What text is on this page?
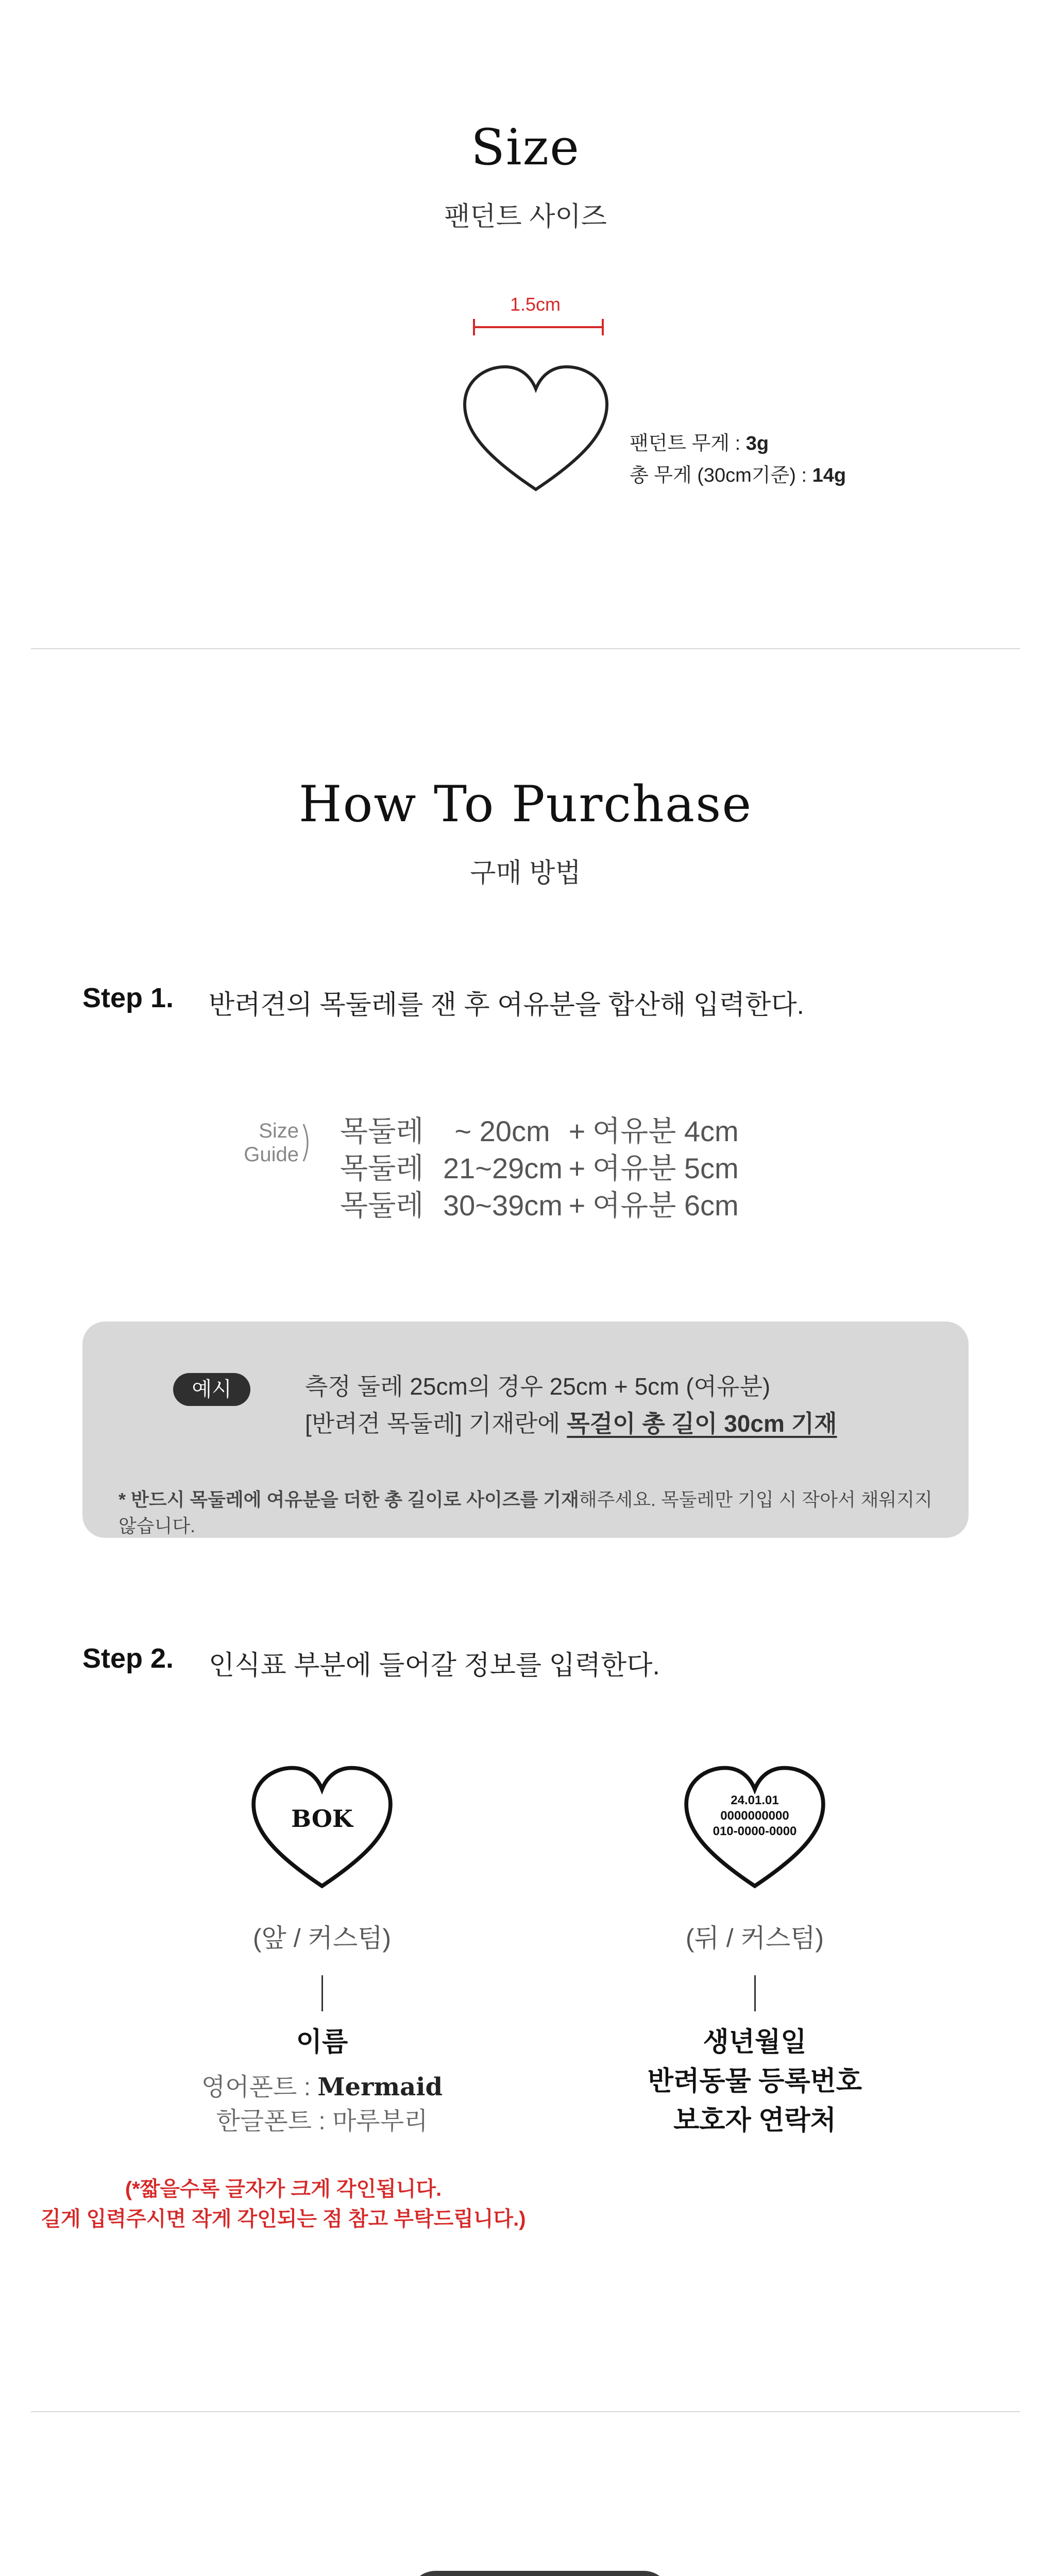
Size
팬던트 사이즈
1.5cm
팬던트 무게 : 3g
총 무게 (30cm기준) : 14g
How To Purchase
구매 방법
Step 1. 반려견의 목둘레를 잰 후 여유분을 합산해 입력한다.
Size
Guide
목둘레 ~ 20cm + 여유분 4cm
목둘레 21~29cm + 여유분 5cm
목둘레 30~39cm + 여유분 6cm
예시	측정 둘레 25cm의 경우 25cm + 5cm (여유분)
[반려견 목둘레] 기재란에 목걸이 총 길이 30cm 기재
* 반드시 목둘레에 여유분을 더한 총 길이로 사이즈를 기재해주세요. 목둘레만 기입 시 작아서 채워지지 않습니다.
Step 2. 인식표 부분에 들어갈 정보를 입력한다.
BOK
24.01.01
0000000000
010-0000-0000
(앞 / 커스텀)
이름
영어폰트 : Mermaid
한글폰트 : 마루부리
(뒤 / 커스텀)
생년월일
반려동물 등록번호
보호자 연락처
(*짧을수록 글자가 크게 각인됩니다.
길게 입력주시면 작게 각인되는 점 참고 부탁드립니다.)
